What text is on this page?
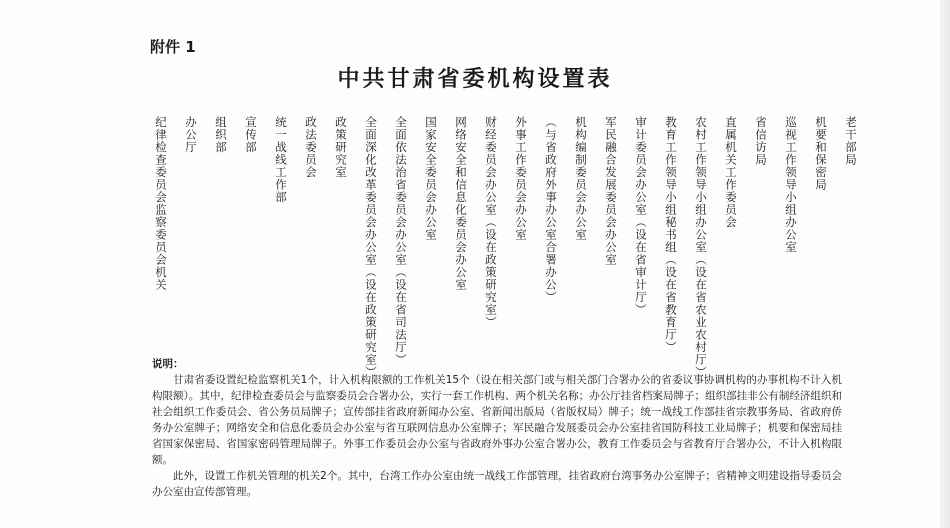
附件 1
中共甘肃省委机构设置表
纪律检查委员会监察委员会机关 办公厅 组织部 宣传部 统一战线工作部 政法委员会 政策研究室 全面深化改革委员会办公室（设在政策研究室） 全面依法治省委员会办公室（设在省司法厅） 国家安全委员会办公室 网络安全和信息化委员会办公室 财经委员会办公室（设在政策研究室） 外事工作委员会办公室 （与省政府外事办公室合署办公） 机构编制委员会办公室 军民融合发展委员会办公室 审计委员会办公室（设在省审计厅） 教育工作领导小组秘书组（设在省教育厅） 农村工作领导小组办公室（设在省农业农村厅） 直属机关工作委员会 省信访局 巡视工作领导小组办公室 机要和保密局 老干部局
说明：

甘肃省委设置纪检监察机关1个，计入机构限额的工作机关15个（设在相关部门或与相关部门合署办公的省委议事协调机构的办事机构不计入机构限额）。其中，纪律检查委员会与监察委员会合署办公，实行一套工作机构、两个机关名称；办公厅挂省档案局牌子；组织部挂非公有制经济组织和社会组织工作委员会、省公务员局牌子；宣传部挂省政府新闻办公室、省新闻出版局（省版权局）牌子；统一战线工作部挂省宗教事务局、省政府侨务办公室牌子；网络安全和信息化委员会办公室与省互联网信息办公室牌子；军民融合发展委员会办公室挂省国防科技工业局牌子；机要和保密局挂省国家保密局、省国家密码管理局牌子。外事工作委员会办公室与省政府外事办公室合署办公，教育工作委员会与省教育厅合署办公，不计入机构限额。

此外，设置工作机关管理的机关2个。其中，台湾工作办公室由统一战线工作部管理，挂省政府台湾事务办公室牌子；省精神文明建设指导委员会办公室由宣传部管理。
